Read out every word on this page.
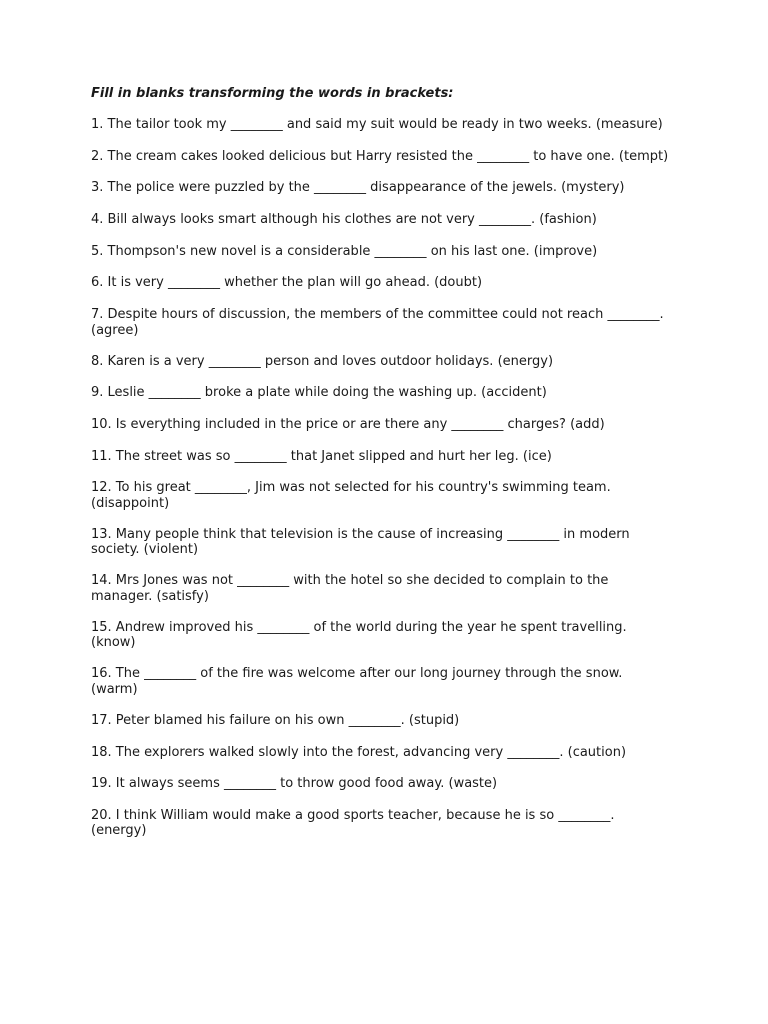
Fill in blanks transforming the words in brackets:
1. The tailor took my ________ and said my suit would be ready in two weeks. (measure)
2. The cream cakes looked delicious but Harry resisted the ________ to have one. (tempt)
3. The police were puzzled by the ________ disappearance of the jewels. (mystery)
4. Bill always looks smart although his clothes are not very ________. (fashion)
5. Thompson's new novel is a considerable ________ on his last one. (improve)
6. It is very ________ whether the plan will go ahead. (doubt)
7. Despite hours of discussion, the members of the committee could not reach ________.
(agree)
8. Karen is a very ________ person and loves outdoor holidays. (energy)
9. Leslie ________ broke a plate while doing the washing up. (accident)
10. Is everything included in the price or are there any ________ charges? (add)
11. The street was so ________ that Janet slipped and hurt her leg. (ice)
12. To his great ________, Jim was not selected for his country's swimming team.
(disappoint)
13. Many people think that television is the cause of increasing ________ in modern
society. (violent)
14. Mrs Jones was not ________ with the hotel so she decided to complain to the
manager. (satisfy)
15. Andrew improved his ________ of the world during the year he spent travelling.
(know)
16. The ________ of the fire was welcome after our long journey through the snow.
(warm)
17. Peter blamed his failure on his own ________. (stupid)
18. The explorers walked slowly into the forest, advancing very ________. (caution)
19. It always seems ________ to throw good food away. (waste)
20. I think William would make a good sports teacher, because he is so ________.
(energy)
